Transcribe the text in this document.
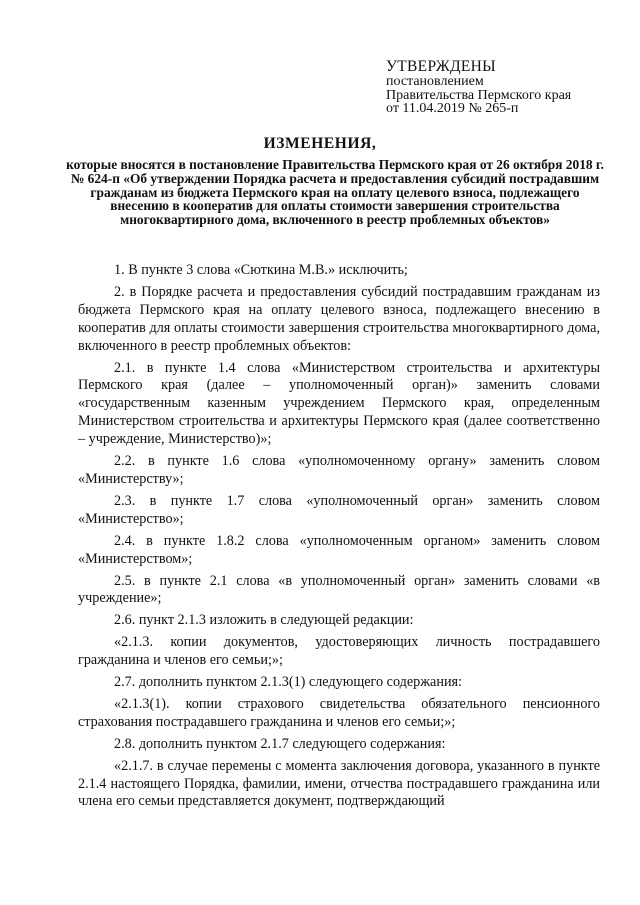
УТВЕРЖДЕНЫ
постановлением
Правительства Пермского края
от 11.04.2019 № 265-п
ИЗМЕНЕНИЯ,
которые вносятся в постановление Правительства Пермского края от 26 октября 2018 г. № 624-п «Об утверждении Порядка расчета и предоставления субсидий пострадавшим гражданам из бюджета Пермского края на оплату целевого взноса, подлежащего внесению в кооператив для оплаты стоимости завершения строительства многоквартирного дома, включенного в реестр проблемных объектов»

1. В пункте 3 слова «Сюткина М.В.» исключить;

2. в Порядке расчета и предоставления субсидий пострадавшим гражданам из бюджета Пермского края на оплату целевого взноса, подлежащего внесению в кооператив для оплаты стоимости завершения строительства многоквартирного дома, включенного в реестр проблемных объектов:

2.1. в пункте 1.4 слова «Министерством строительства и архитектуры Пермского края (далее – уполномоченный орган)» заменить словами «государственным казенным учреждением Пермского края, определенным Министерством строительства и архитектуры Пермского края (далее соответственно – учреждение, Министерство)»;

2.2. в пункте 1.6 слова «уполномоченному органу» заменить словом «Министерству»;

2.3. в пункте 1.7 слова «уполномоченный орган» заменить словом «Министерство»;

2.4. в пункте 1.8.2 слова «уполномоченным органом» заменить словом «Министерством»;

2.5. в пункте 2.1 слова «в уполномоченный орган» заменить словами «в учреждение»;

2.6. пункт 2.1.3 изложить в следующей редакции:

«2.1.3. копии документов, удостоверяющих личность пострадавшего гражданина и членов его семьи;»;

2.7. дополнить пунктом 2.1.3(1) следующего содержания:

«2.1.3(1). копии страхового свидетельства обязательного пенсионного страхования пострадавшего гражданина и членов его семьи;»;

2.8. дополнить пунктом 2.1.7 следующего содержания:

«2.1.7. в случае перемены с момента заключения договора, указанного в пункте 2.1.4 настоящего Порядка, фамилии, имени, отчества пострадавшего гражданина или члена его семьи представляется документ, подтверждающий
